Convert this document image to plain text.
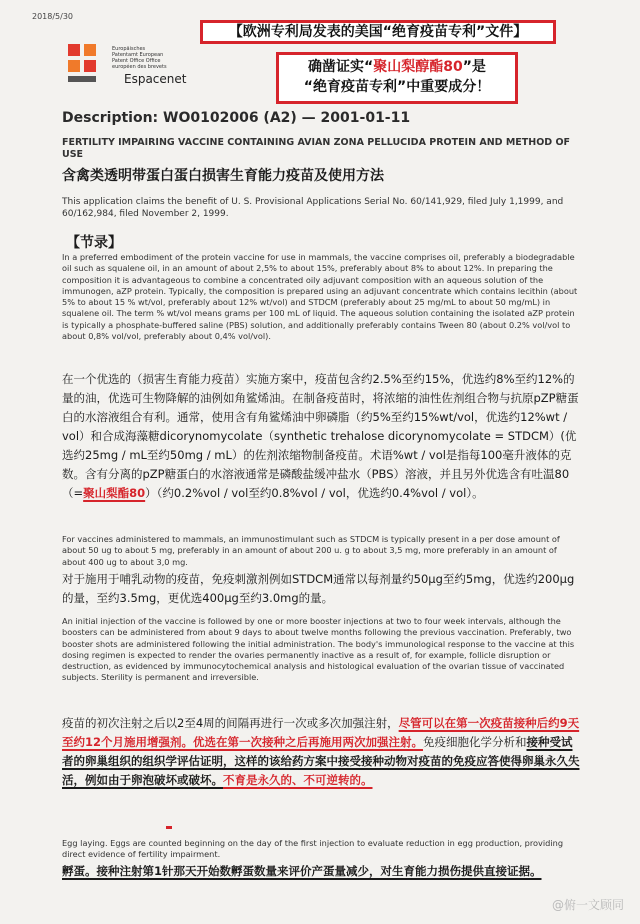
2018/5/30
【欧洲专利局发表的美国“绝育疫苗专利”文件】
Europäisches Patentamt European Patent Office Office européen des brevets
Espacenet
确凿证实“聚山梨醇酯80”是
“绝育疫苗专利”中重要成分！
Description: WO0102006 (A2) — 2001-01-11
FERTILITY IMPAIRING VACCINE CONTAINING AVIAN ZONA PELLUCIDA PROTEIN AND METHOD OF USE
含禽类透明带蛋白蛋白损害生育能力疫苗及使用方法
This application claims the benefit of U. S. Provisional Applications Serial No. 60/141,929, filed July 1,1999, and 60/162,984, filed November 2, 1999.
【节录】
In a preferred embodiment of the protein vaccine for use in mammals, the vaccine comprises oil, preferably a biodegradable oil such as squalene oil, in an amount of about 2,5% to about 15%, preferably about 8% to about 12%. In preparing the composition it is advantageous to combine a concentrated oily adjuvant composition with an aqueous solution of the immunogen, aZP protein. Typically, the composition is prepared using an adjuvant concentrate which contains lecithin (about 5% to about 15 % wt/vol, preferably about 12% wt/vol) and STDCM (preferably about 25 mg/mL to about 50 mg/mL) in squalene oil. The term % wt/vol means grams per 100 mL of liquid. The aqueous solution containing the isolated aZP protein is typically a phosphate-buffered saline (PBS) solution, and additionally preferably contains Tween 80 (about 0.2% vol/vol to about 0,8% vol/vol, preferably about 0,4% vol/vol).
在一个优选的（损害生育能力疫苗）实施方案中，疫苗包含约2.5%至约15%，优选约8%至约12%的量的油，优选可生物降解的油例如角鲨烯油。在制备疫苗时，将浓缩的油性佐剂组合物与抗原pZP糖蛋白的水溶液组合有利。通常，使用含有角鲨烯油中卵磷脂（约5%至约15%wt/vol，优选约12%wt / vol）和合成海藻糖dicorynomycolate（synthetic trehalose dicorynomycolate = STDCM）(优选约25mg / mL至约50mg / mL）的佐剂浓缩物制备疫苗。术语%wt / vol是指每100毫升液体的克数。含有分离的pZP糖蛋白的水溶液通常是磷酸盐缓冲盐水（PBS）溶液，并且另外优选含有吐温80（=聚山梨酯80）（约0.2%vol / vol至约0.8%vol / vol，优选约0.4%vol / vol）。
For vaccines administered to mammals, an immunostimulant such as STDCM is typically present in a per dose amount of about 50 ug to about 5 mg, preferably in an amount of about 200 u. g to about 3,5 mg, more preferably in an amount of about 400 ug to about 3,0 mg.
对于施用于哺乳动物的疫苗，免疫刺激剂例如STDCM通常以每剂量约50μg至约5mg，优选约200μg的量，至约3.5mg，更优选400μg至约3.0mg的量。
An initial injection of the vaccine is followed by one or more booster injections at two to four week intervals, although the boosters can be administered from about 9 days to about twelve months following the previous vaccination. Preferably, two booster shots are administered following the initial administration. The body's immunological response to the vaccine at this dosing regimen is expected to render the ovaries permanently inactive as a result of, for example, follicle disruption or destruction, as evidenced by immunocytochemical analysis and histological evaluation of the ovarian tissue of vaccinated subjects. Sterility is permanent and irreversible.
疫苗的初次注射之后以2至4周的间隔再进行一次或多次加强注射，尽管可以在第一次疫苗接种后约9天至约12个月施用增强剂。优选在第一次接种之后再施用两次加强注射。免疫细胞化学分析和接种受试者的卵巢组织的组织学评估证明，这样的该给药方案中接受接种动物对疫苗的免疫应答使得卵巢永久失活，例如由于卵泡破坏或破坏。不育是永久的、不可逆转的。
Egg laying. Eggs are counted beginning on the day of the first injection to evaluate reduction in egg production, providing direct evidence of fertility impairment.
孵蛋。接种注射第1针那天开始数孵蛋数量来评价产蛋量减少，对生育能力损伤提供直接证据。
@俯一文顾同
